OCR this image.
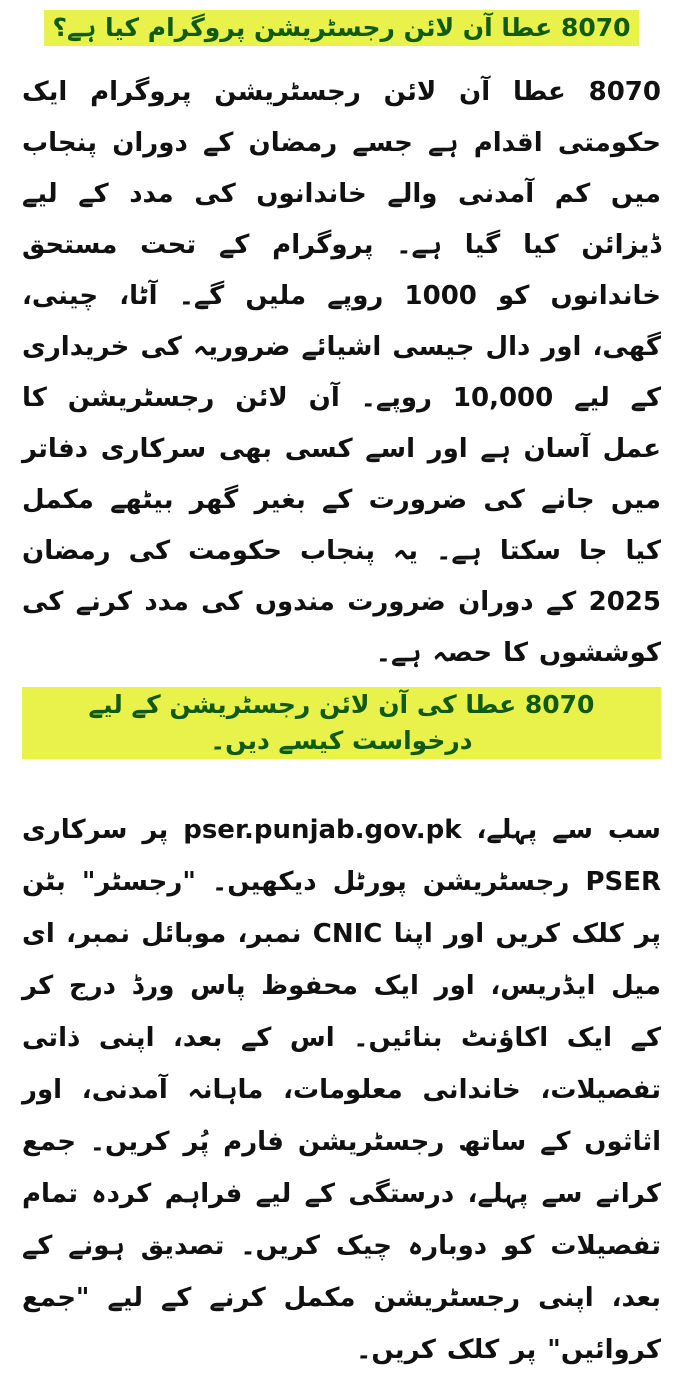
8070 عطا آن لائن رجسٹریشن پروگرام کیا ہے؟

8070 عطا آن لائن رجسٹریشن پروگرام ایک حکومتی اقدام ہے جسے رمضان کے دوران پنجاب میں کم آمدنی والے خاندانوں کی مدد کے لیے ڈیزائن کیا گیا ہے۔ پروگرام کے تحت مستحق خاندانوں کو 1000 روپے ملیں گے۔ آٹا، چینی، گھی، اور دال جیسی اشیائے ضروریہ کی خریداری کے لیے 10,000 روپے۔ آن لائن رجسٹریشن کا عمل آسان ہے اور اسے کسی بھی سرکاری دفاتر میں جانے کی ضرورت کے بغیر گھر بیٹھے مکمل کیا جا سکتا ہے۔ یہ پنجاب حکومت کی رمضان 2025 کے دوران ضرورت مندوں کی مدد کرنے کی کوششوں کا حصہ ہے۔

8070 عطا کی آن لائن رجسٹریشن کے لیے درخواست کیسے دیں۔

سب سے پہلے، pser.punjab.gov.pk پر سرکاری PSER رجسٹریشن پورٹل دیکھیں۔ "رجسٹر" بٹن پر کلک کریں اور اپنا CNIC نمبر، موبائل نمبر، ای میل ایڈریس، اور ایک محفوظ پاس ورڈ درج کر کے ایک اکاؤنٹ بنائیں۔ اس کے بعد، اپنی ذاتی تفصیلات، خاندانی معلومات، ماہانہ آمدنی، اور اثاثوں کے ساتھ رجسٹریشن فارم پُر کریں۔ جمع کرانے سے پہلے، درستگی کے لیے فراہم کردہ تمام تفصیلات کو دوبارہ چیک کریں۔ تصدیق ہونے کے بعد، اپنی رجسٹریشن مکمل کرنے کے لیے "جمع کروائیں" پر کلک کریں۔
